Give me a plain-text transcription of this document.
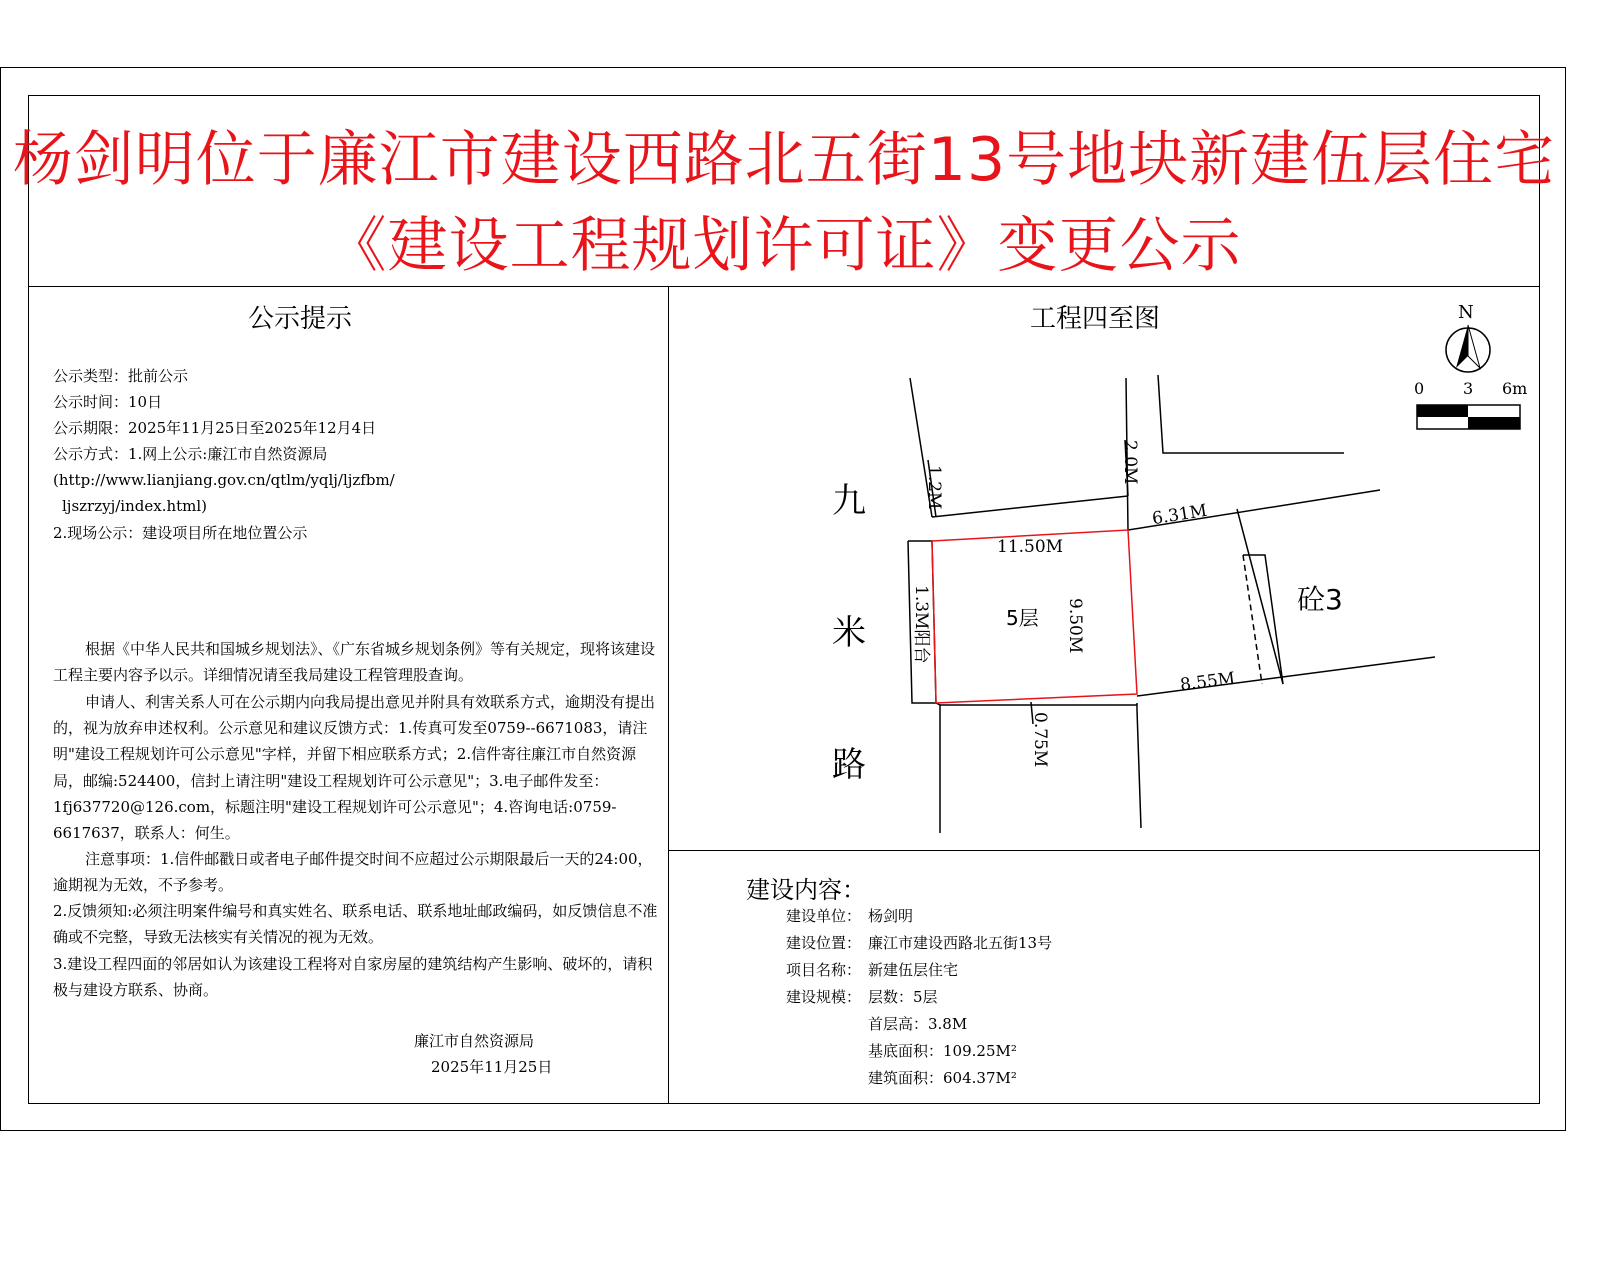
杨剑明位于廉江市建设西路北五街13号地块新建伍层住宅
《建设工程规划许可证》变更公示
公示提示
公示类型：批前公示
公示时间：10日
公示期限：2025年11月25日至2025年12月4日
公示方式：1.网上公示:廉江市自然资源局
(http://www.lianjiang.gov.cn/qtlm/yqlj/ljzfbm/
ljszrzyj/index.html)
2.现场公示：建设项目所在地位置公示
根据《中华人民共和国城乡规划法》、《广东省城乡规划条例》等有关规定，现将该建设工程主要内容予以示。详细情况请至我局建设工程管理股查询。
申请人、利害关系人可在公示期内向我局提出意见并附具有效联系方式，逾期没有提出的，视为放弃申述权利。公示意见和建议反馈方式：1.传真可发至0759--6671083，请注明"建设工程规划许可公示意见"字样，并留下相应联系方式；2.信件寄往廉江市自然资源局，邮编:524400，信封上请注明"建设工程规划许可公示意见"；3.电子邮件发至：1fj637720@126.com，标题注明"建设工程规划许可公示意见"；4.咨询电话:0759-6617637，联系人：何生。
注意事项：1.信件邮戳日或者电子邮件提交时间不应超过公示期限最后一天的24:00，逾期视为无效，不予参考。
2.反馈须知:必须注明案件编号和真实姓名、联系电话、联系地址邮政编码，如反馈信息不准确或不完整，导致无法核实有关情况的视为无效。
3.建设工程四面的邻居如认为该建设工程将对自家房屋的建筑结构产生影响、破坏的，请积极与建设方联系、协商。
廉江市自然资源局
2025年11月25日
工程四至图	N
0 3 6m
九
米
路
11.50M
5层 9.50M
6.31M
8.55M
砼3
1.2M
2.0M
1.3M阳台
0.75M
建设内容：
建设单位： 杨剑明
建设位置： 廉江市建设西路北五街13号
项目名称： 新建伍层住宅
建设规模： 层数：5层
首层高：3.8M
基底面积：109.25M²
建筑面积：604.37M²
